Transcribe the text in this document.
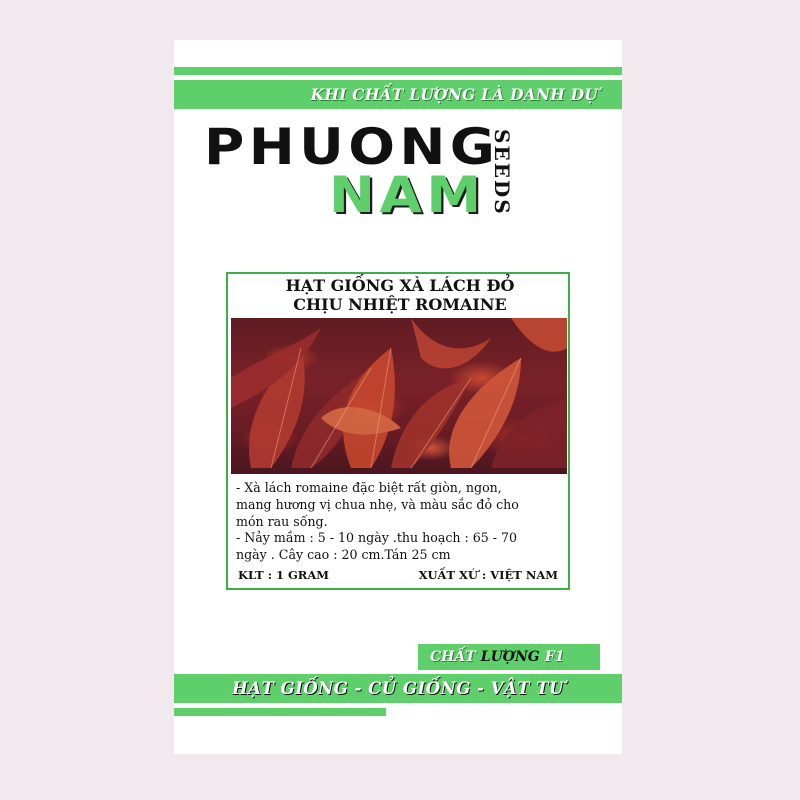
KHI CHẤT LƯỢNG LÀ DANH DỰ
PHUONG
NAM SEEDS
HẠT GIỐNG XÀ LÁCH ĐỎ
CHỊU NHIỆT ROMAINE
- Xà lách romaine đặc biệt rất giòn, ngon,
mang hương vị chua nhẹ, và màu sắc đỏ cho
món rau sống.
- Nảy mầm : 5 - 10 ngày .thu hoạch : 65 - 70
ngày . Cây cao : 20 cm.Tán 25 cm
KLT : 1 GRAM	XUẤT XỨ : VIỆT NAM
CHẤT
LƯỢNG
F1
HẠT GIỐNG - CỦ GIỐNG - VẬT TƯ
